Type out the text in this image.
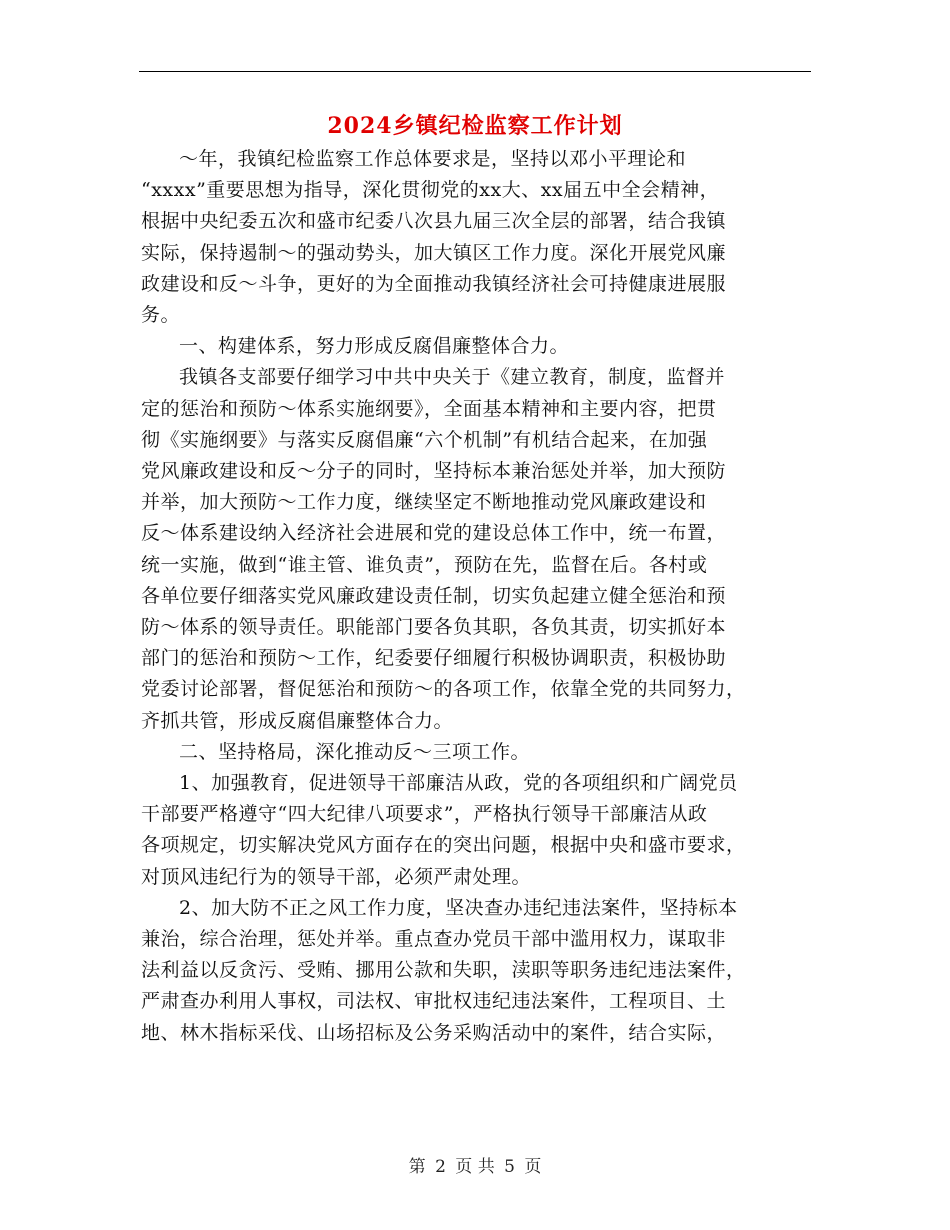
2024乡镇纪检监察工作计划
～年，我镇纪检监察工作总体要求是，坚持以邓小平理论和
“xxxx”重要思想为指导，深化贯彻党的xx大、xx届五中全会精神，
根据中央纪委五次和盛市纪委八次县九届三次全层的部署，结合我镇
实际，保持遏制～的强动势头，加大镇区工作力度。深化开展党风廉
政建设和反～斗争，更好的为全面推动我镇经济社会可持健康进展服
务。
一、构建体系，努力形成反腐倡廉整体合力。
我镇各支部要仔细学习中共中央关于《建立教育，制度，监督并
定的惩治和预防～体系实施纲要》，全面基本精神和主要内容，把贯
彻《实施纲要》与落实反腐倡廉“六个机制”有机结合起来，在加强
党风廉政建设和反～分子的同时，坚持标本兼治惩处并举，加大预防
并举，加大预防～工作力度，继续坚定不断地推动党风廉政建设和
反～体系建设纳入经济社会进展和党的建设总体工作中，统一布置，
统一实施，做到“谁主管、谁负责”，预防在先，监督在后。各村或
各单位要仔细落实党风廉政建设责任制，切实负起建立健全惩治和预
防～体系的领导责任。职能部门要各负其职，各负其责，切实抓好本
部门的惩治和预防～工作，纪委要仔细履行积极协调职责，积极协助
党委讨论部署，督促惩治和预防～的各项工作，依靠全党的共同努力，
齐抓共管，形成反腐倡廉整体合力。
二、坚持格局，深化推动反～三项工作。
1、加强教育，促进领导干部廉洁从政，党的各项组织和广阔党员
干部要严格遵守“四大纪律八项要求”，严格执行领导干部廉洁从政
各项规定，切实解决党风方面存在的突出问题，根据中央和盛市要求，
对顶风违纪行为的领导干部，必须严肃处理。
2、加大防不正之风工作力度，坚决查办违纪违法案件，坚持标本
兼治，综合治理，惩处并举。重点查办党员干部中滥用权力，谋取非
法利益以反贪污、受贿、挪用公款和失职，渎职等职务违纪违法案件，
严肃查办利用人事权，司法权、审批权违纪违法案件，工程项目、土
地、林木指标采伐、山场招标及公务采购活动中的案件，结合实际，
第 2 页 共 5 页
